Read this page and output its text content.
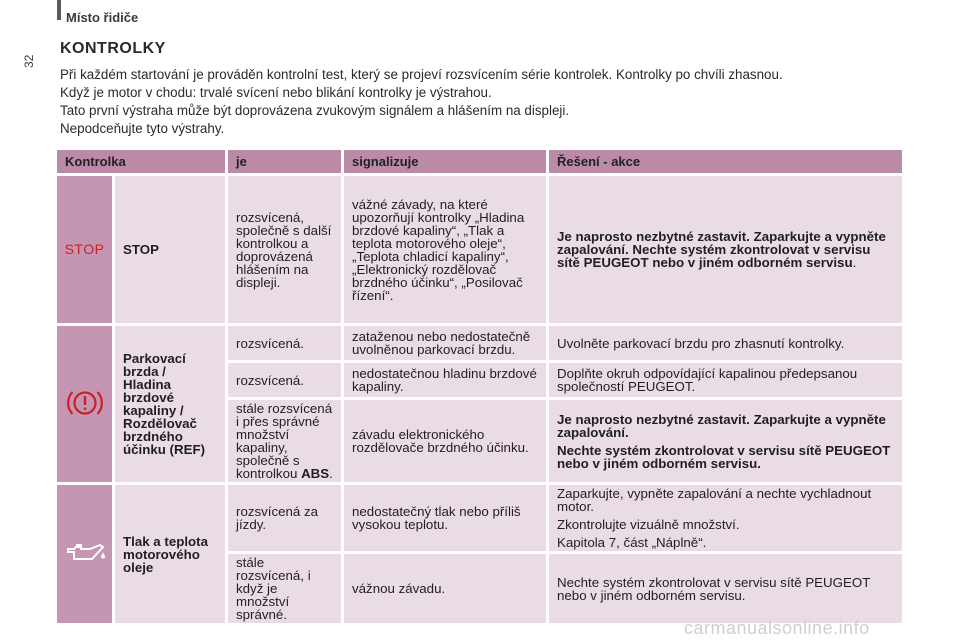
Místo řidiče
32
KONTROLKY

Při každém startování je prováděn kontrolní test, který se projeví rozsvícením série kontrolek. Kontrolky po chvíli zhasnou.

Když je motor v chodu: trvalé svícení nebo blikání kontrolky je výstrahou.

Tato první výstraha může být doprovázena zvukovým signálem a hlášením na displeji.

Nepodceňujte tyto výstrahy.

Kontrolka		je	signalizuje	Řešení - akce
STOP	STOP	rozsvícená, společně s další kontrolkou a doprovázená hlášením na displeji.	vážné závady, na které upozorňují kontrolky „Hladina brzdové kapaliny“, „Tlak a teplota motorového oleje“, „Teplota chladicí kapaliny“, „Elektronický rozdělovač brzdného účinku“, „Posilovač řízení“.	Je naprosto nezbytné zastavit. Zaparkujte a vypněte zapalování. Nechte systém zkontrolovat v servisu sítě PEUGEOT nebo v jiném odborném servisu.
	Parkovací brzda / Hladina brzdové kapaliny / Rozdělovač brzdného účinku (REF)	rozsvícená.	zataženou nebo nedostatečně uvolněnou parkovací brzdu.	Uvolněte parkovací brzdu pro zhasnutí kontrolky.
		rozsvícená.	nedostatečnou hladinu brzdové kapaliny.	Doplňte okruh odpovídající kapalinou předepsanou společností PEUGEOT.
		stále rozsvícená i přes správné množství kapaliny, společně s kontrolkou ABS.	závadu elektronického rozdělovače brzdného účinku.	Je naprosto nezbytné zastavit. Zaparkujte a vypněte zapalování.

Nechte systém zkontrolovat v servisu sítě PEUGEOT nebo v jiném odborném servisu.

	Tlak a teplota motorového oleje	rozsvícená za jízdy.	nedostatečný tlak nebo příliš vysokou teplotu.	Zaparkujte, vypněte zapalování a nechte vychladnout motor.

Zkontrolujte vizuálně množství.

Kapitola 7, část „Náplně“.

		stále rozsvícená, i když je množství správné.	vážnou závadu.	Nechte systém zkontrolovat v servisu sítě PEUGEOT nebo v jiném odborném servisu.
carmanualsonline.info
